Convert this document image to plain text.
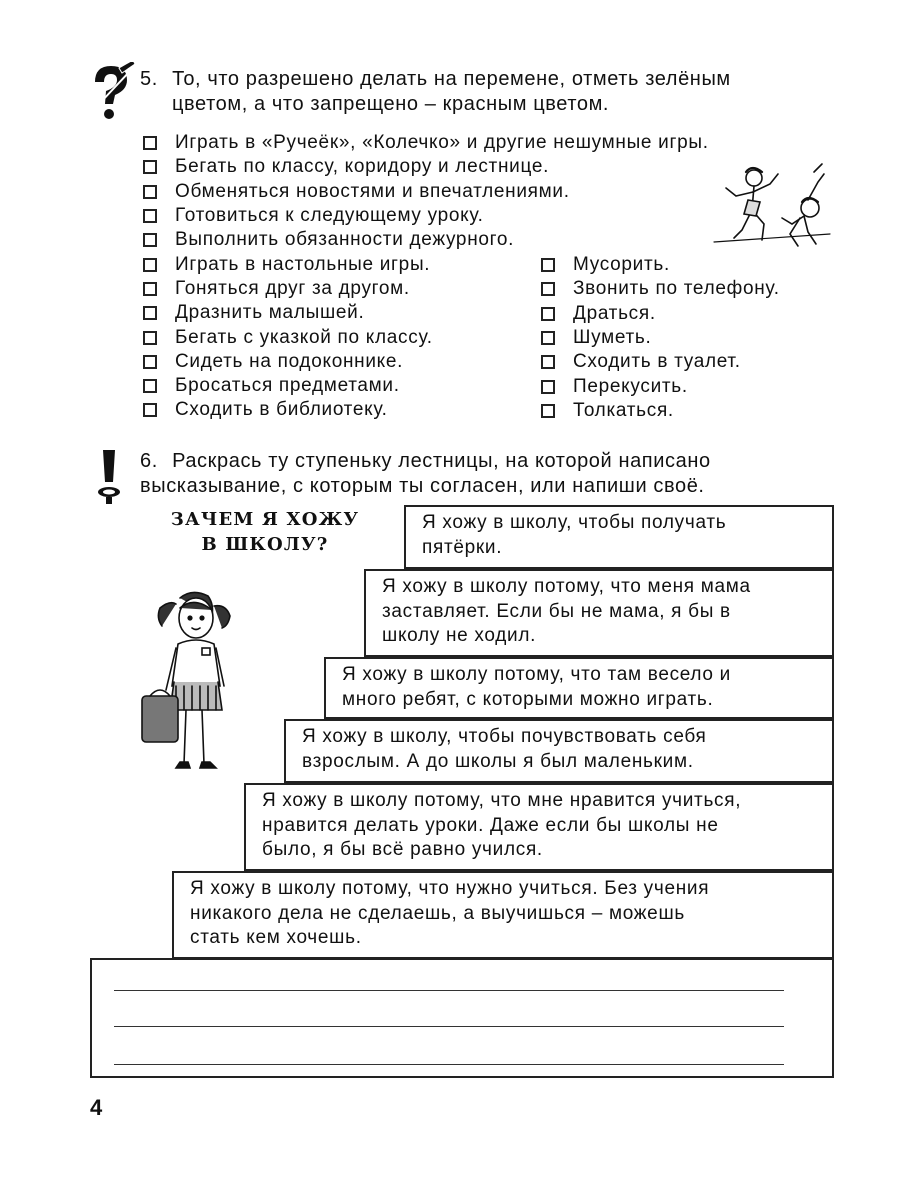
5. То, что разрешено делать на перемене, отметь зелёным
цветом, а что запрещено – красным цветом.
Играть в «Ручеёк», «Колечко» и другие нешумные игры.
Бегать по классу, коридору и лестнице.
Обменяться новостями и впечатлениями.
Готовиться к следующему уроку.
Выполнить обязанности дежурного.
Играть в настольные игры.
Гоняться друг за другом.
Дразнить малышей.
Бегать с указкой по классу.
Сидеть на подоконнике.
Бросаться предметами.
Сходить в библиотеку.
Мусорить.
Звонить по телефону.
Драться.
Шуметь.
Сходить в туалет.
Перекусить.
Толкаться.
6. Раскрась ту ступеньку лестницы, на которой написано
высказывание, с которым ты согласен, или напиши своё.
ЗАЧЕМ Я ХОЖУ
В ШКОЛУ?
Я хожу в школу, чтобы получать
пятёрки.
Я хожу в школу потому, что меня мама
заставляет. Если бы не мама, я бы в
школу не ходил.
Я хожу в школу потому, что там весело и
много ребят, с которыми можно играть.
Я хожу в школу, чтобы почувствовать себя
взрослым. А до школы я был маленьким.
Я хожу в школу потому, что мне нравится учиться,
нравится делать уроки. Даже если бы школы не
было, я бы всё равно учился.
Я хожу в школу потому, что нужно учиться. Без учения
никакого дела не сделаешь, а выучишься – можешь
стать кем хочешь.
4
